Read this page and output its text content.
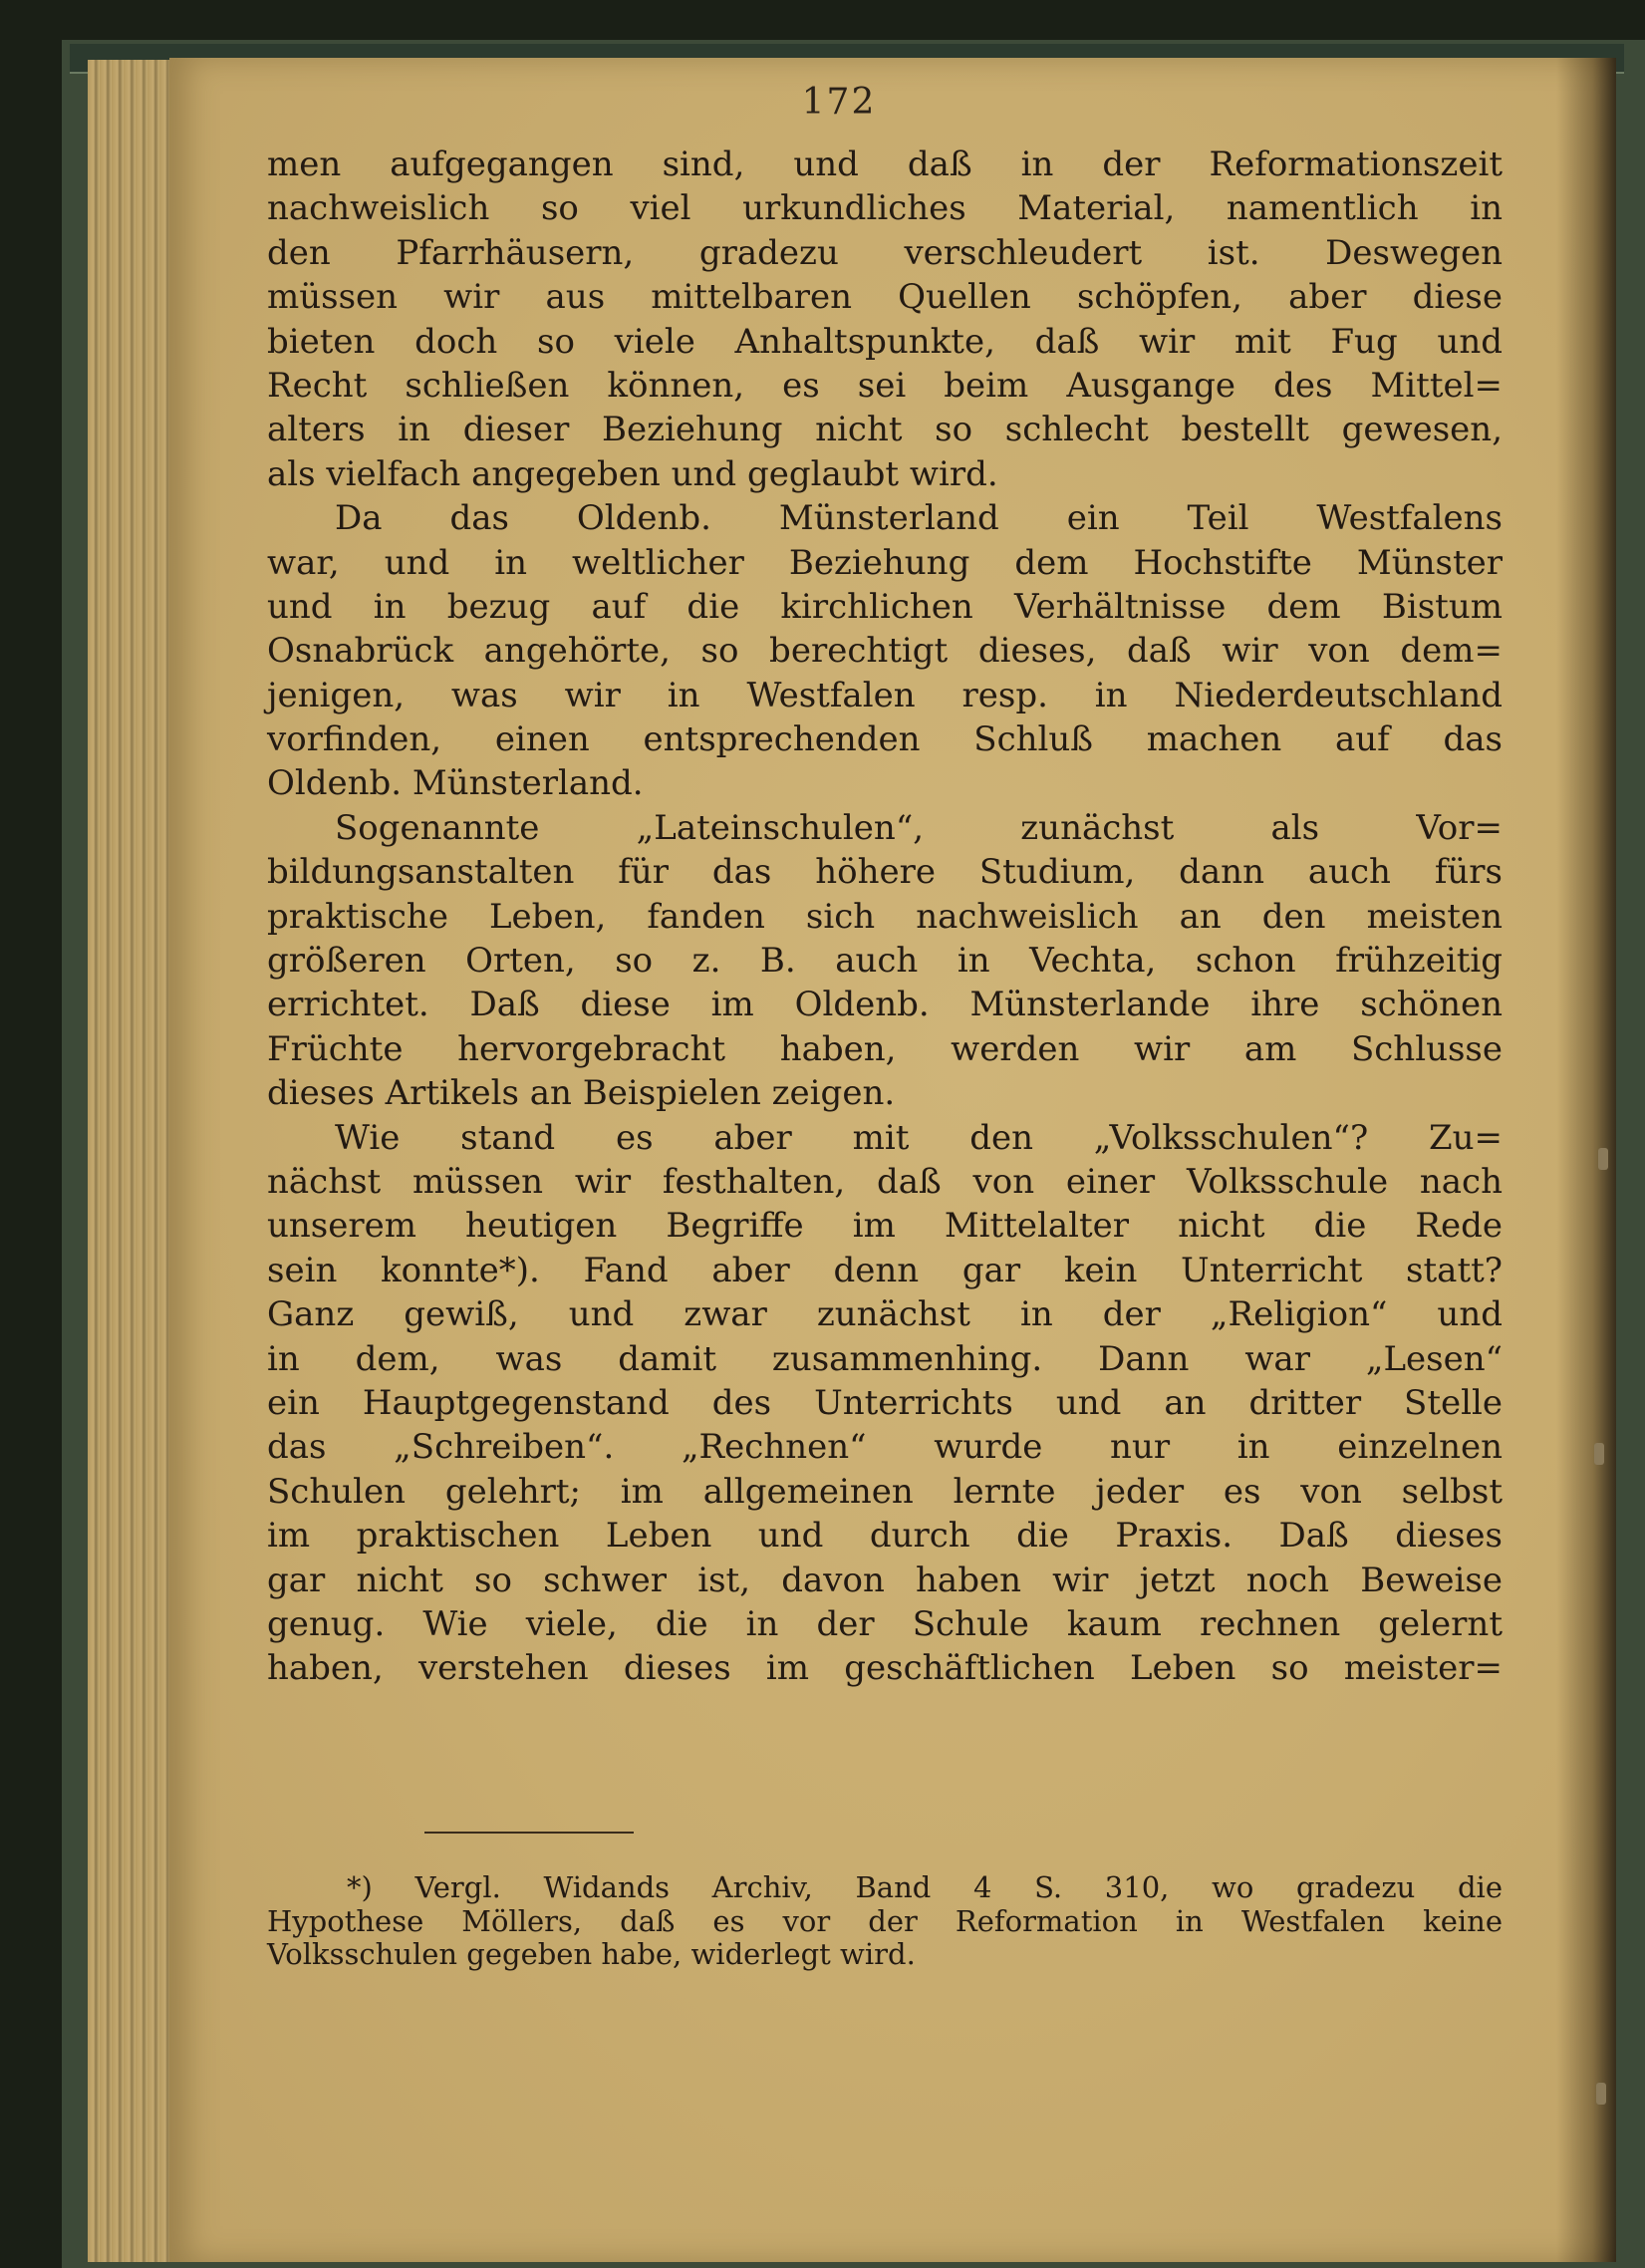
172
men aufgegangen sind, und daß in der Reformationszeit
nachweislich so viel urkundliches Material, namentlich in
den Pfarrhäusern, gradezu verschleudert ist. Deswegen
müssen wir aus mittelbaren Quellen schöpfen, aber diese
bieten doch so viele Anhaltspunkte, daß wir mit Fug und
Recht schließen können, es sei beim Ausgange des Mittel=
alters in dieser Beziehung nicht so schlecht bestellt gewesen,
als vielfach angegeben und geglaubt wird.
Da das Oldenb. Münsterland ein Teil Westfalens
war, und in weltlicher Beziehung dem Hochstifte Münster
und in bezug auf die kirchlichen Verhältnisse dem Bistum
Osnabrück angehörte, so berechtigt dieses, daß wir von dem=
jenigen, was wir in Westfalen resp. in Niederdeutschland
vorfinden, einen entsprechenden Schluß machen auf das
Oldenb. Münsterland.
Sogenannte „Lateinschulen“, zunächst als Vor=
bildungsanstalten für das höhere Studium, dann auch fürs
praktische Leben, fanden sich nachweislich an den meisten
größeren Orten, so z. B. auch in Vechta, schon frühzeitig
errichtet. Daß diese im Oldenb. Münsterlande ihre schönen
Früchte hervorgebracht haben, werden wir am Schlusse
dieses Artikels an Beispielen zeigen.
Wie stand es aber mit den „Volksschulen“? Zu=
nächst müssen wir festhalten, daß von einer Volksschule nach
unserem heutigen Begriffe im Mittelalter nicht die Rede
sein konnte*). Fand aber denn gar kein Unterricht statt?
Ganz gewiß, und zwar zunächst in der „Religion“ und
in dem, was damit zusammenhing. Dann war „Lesen“
ein Hauptgegenstand des Unterrichts und an dritter Stelle
das „Schreiben“. „Rechnen“ wurde nur in einzelnen
Schulen gelehrt; im allgemeinen lernte jeder es von selbst
im praktischen Leben und durch die Praxis. Daß dieses
gar nicht so schwer ist, davon haben wir jetzt noch Beweise
genug. Wie viele, die in der Schule kaum rechnen gelernt
haben, verstehen dieses im geschäftlichen Leben so meister=
*) Vergl. Widands Archiv, Band 4 S. 310, wo gradezu die
Hypothese Möllers, daß es vor der Reformation in Westfalen keine
Volksschulen gegeben habe, widerlegt wird.
